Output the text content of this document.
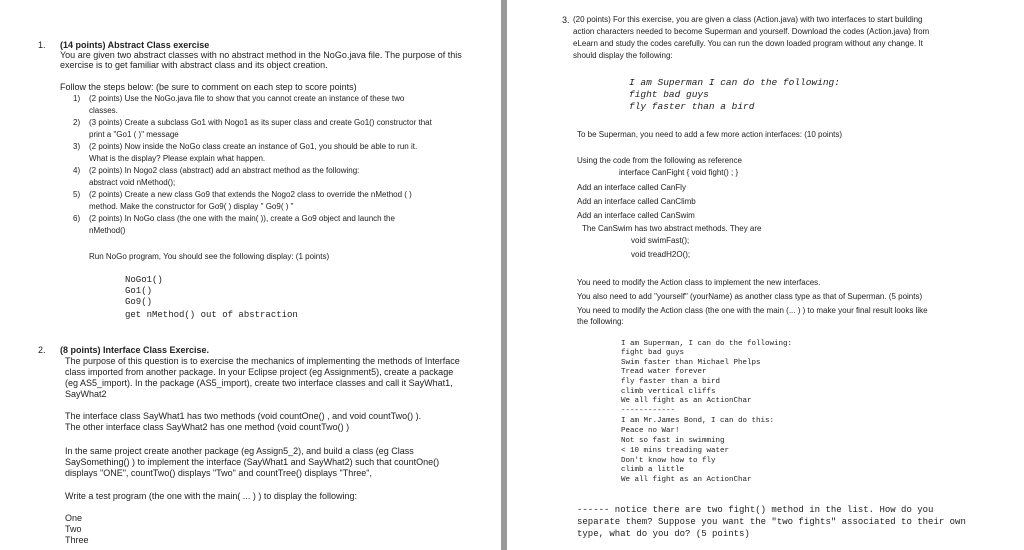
1. (14 points) Abstract Class exercise
You are given two abstract classes with no abstract method in the NoGo.java file. The purpose of this
exercise is to get familiar with abstract class and its object creation.
Follow the steps below: (be sure to comment on each step to score points)
1) (2 points) Use the NoGo.java file to show that you cannot create an instance of these two
classes.
2) (3 points) Create a subclass Go1 with Nogo1 as its super class and create Go1() constructor that
print a "Go1 ( )" message
3) (2 points) Now inside the NoGo class create an instance of Go1, you should be able to run it.
What is the display? Please explain what happen.
4) (2 points) In Nogo2 class (abstract) add an abstract method as the following:
abstract void nMethod();
5) (2 points) Create a new class Go9 that extends the Nogo2 class to override the nMethod ( )
method. Make the constructor for Go9( ) display " Go9( ) "
6) (2 points) In NoGo class (the one with the main( )), create a Go9 object and launch the
nMethod()
Run NoGo program, You should see the following display: (1 points)
NoGo1()
Go1()
Go9()
get nMethod() out of abstraction
2. (8 points) Interface Class Exercise.
The purpose of this question is to exercise the mechanics of implementing the methods of Interface
class imported from another package. In your Eclipse project (eg Assignment5), create a package
(eg AS5_import). In the package (AS5_import), create two interface classes and call it SayWhat1,
SayWhat2
The interface class SayWhat1 has two methods (void countOne() , and void countTwo() ).
The other interface class SayWhat2 has one method (void countTwo() )
In the same project create another package (eg Assign5_2), and build a class (eg Class
SaySomething() ) to implement the interface (SayWhat1 and SayWhat2) such that countOne()
displays "ONE", countTwo() displays "Two" and countTree() displays "Three",
Write a test program (the one with the main( ... ) ) to display the following:
One
Two
Three
3. (20 points) For this exercise, you are given a class (Action.java) with two interfaces to start building
action characters needed to become Superman and yourself. Download the codes (Action.java) from
eLearn and study the codes carefully. You can run the down loaded program without any change. It
should display the following:
I am Superman I can do the following:
fight bad guys
fly faster than a bird
To be Superman, you need to add a few more action interfaces: (10 points)
Using the code from the following as reference
interface CanFight { void fight() ; }
Add an interface called CanFly
Add an interface called CanClimb
Add an interface called CanSwim
The CanSwim has two abstract methods. They are
void swimFast();
void treadH2O();
You need to modify the Action class to implement the new interfaces.
You also need to add "yourself" (yourName) as another class type as that of Superman. (5 points)
You need to modify the Action class (the one with the main (... ) ) to make your final result looks like
the following:
I am Superman, I can do the following:
fight bad guys
Swim faster than Michael Phelps
Tread water forever
fly faster than a bird
climb vertical cliffs
We all fight as an ActionChar
------------
I am Mr.James Bond, I can do this:
Peace no War!
Not so fast in swimming
< 10 mins treading water
Don't know how to fly
climb a little
We all fight as an ActionChar
------ notice there are two fight() method in the list. How do you
separate them? Suppose you want the "two fights" associated to their own
type, what do you do? (5 points)
